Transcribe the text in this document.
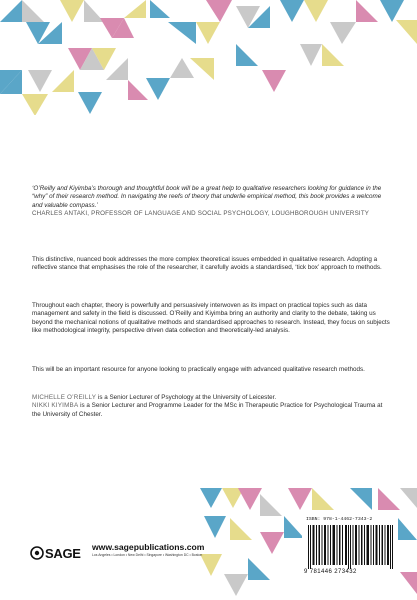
‘O’Reilly and Kiyimba’s thorough and thoughtful book will be a great help to qualitative researchers looking for guidance in the “why” of their research method. In navigating the reefs of theory that underlie empirical method, this book provides a welcome and valuable compass.’
CHARLES ANTAKI, PROFESSOR OF LANGUAGE AND SOCIAL PSYCHOLOGY, LOUGHBOROUGH UNIVERSITY

This distinctive, nuanced book addresses the more complex theoretical issues embedded in qualitative research. Adopting a reflective stance that emphasises the role of the researcher, it carefully avoids a standardised, ‘tick box’ approach to methods.

Throughout each chapter, theory is powerfully and persuasively interwoven as its impact on practical topics such as data management and safety in the field is discussed. O’Reilly and Kiyimba bring an authority and clarity to the debate, taking us beyond the mechanical notions of qualitative methods and standardised approaches to research. Instead, they focus on subjects like methodological integrity, perspective driven data collection and theoretically-led analysis.

This will be an important resource for anyone looking to practically engage with advanced qualitative research methods.

MICHELLE O’REILLY is a Senior Lecturer of Psychology at the University of Leicester.
NIKKI KIYIMBA is a Senior Lecturer and Programme Leader for the MSc in Therapeutic Practice for Psychological Trauma at the University of Chester.
SAGE www.sagepublications.com
Los Angeles • London • New Delhi • Singapore • Washington DC • Boston
ISBN: 978-1-4462-7343-2
9 781446 273432
